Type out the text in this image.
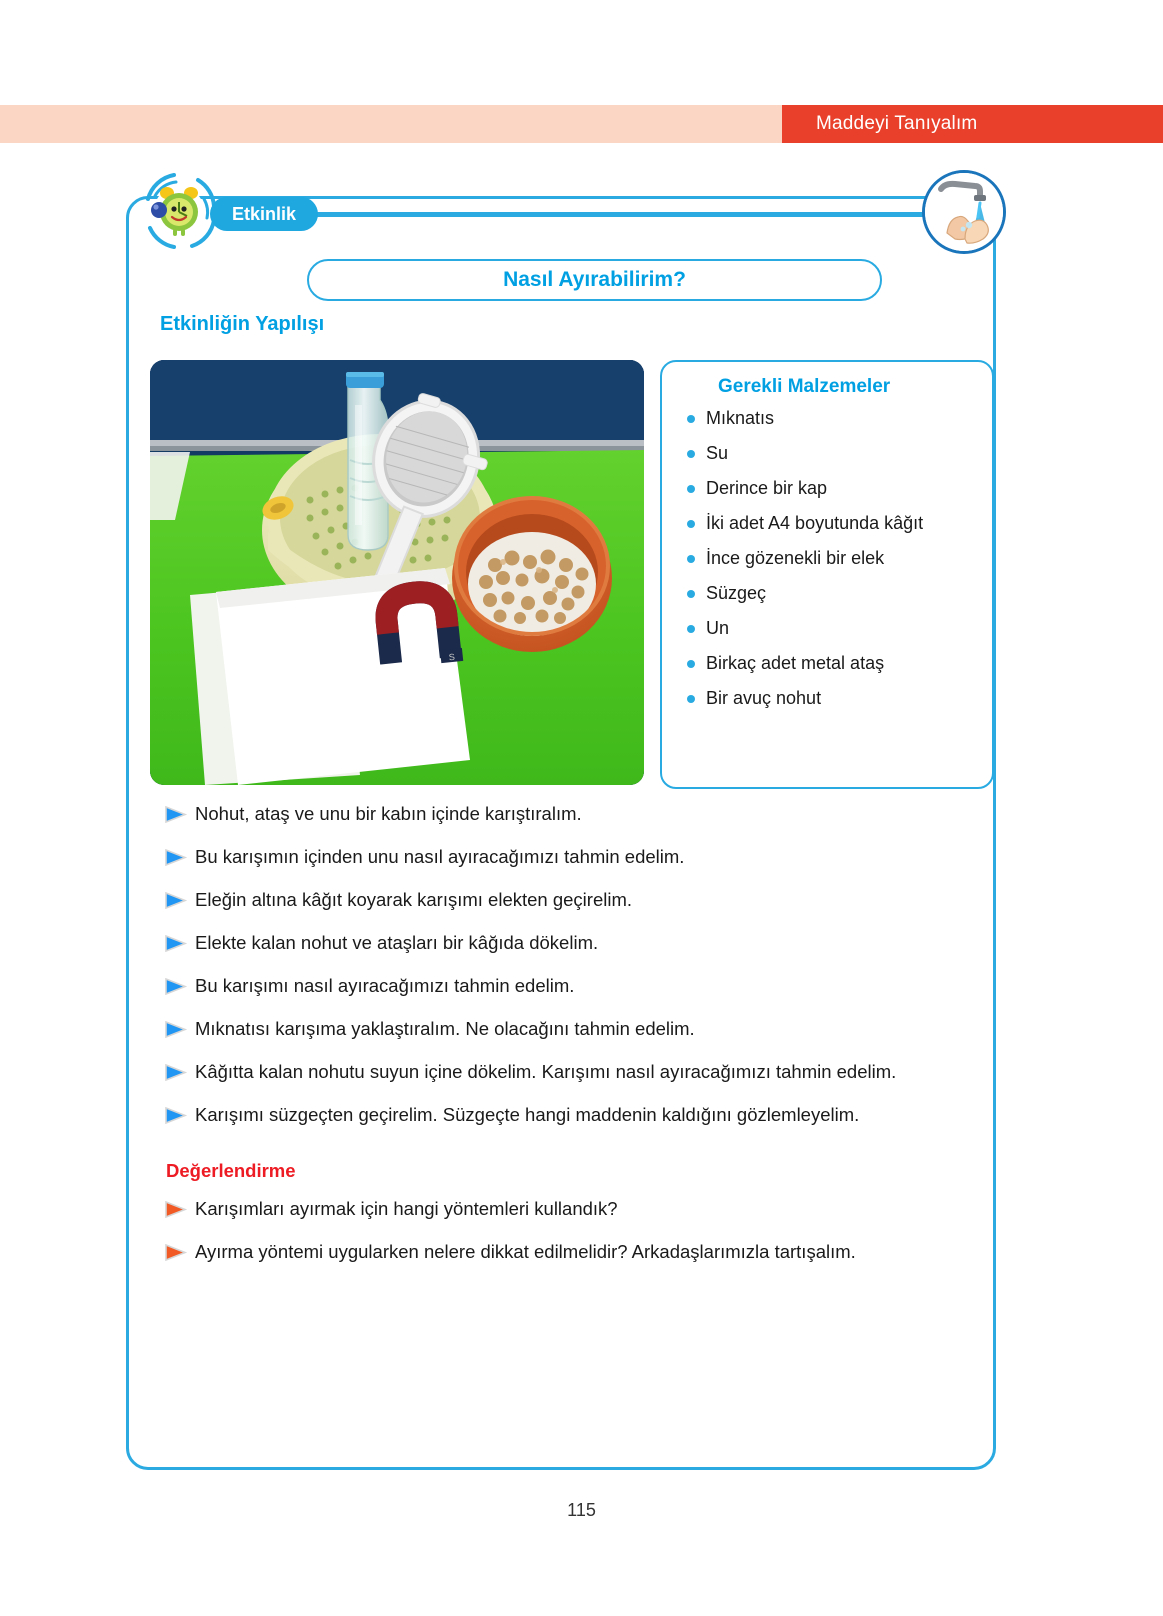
Maddeyi Tanıyalım
Etkinlik
Nasıl Ayırabilirim?
Etkinliğin Yapılışı
S
Gerekli Malzemeler
Mıknatıs
Su
Derince bir kap
İki adet A4 boyutunda kâğıt
İnce gözenekli bir elek
Süzgeç
Un
Birkaç adet metal ataş
Bir avuç nohut
Nohut, ataş ve unu bir kabın içinde karıştıralım.
Bu karışımın içinden unu nasıl ayıracağımızı tahmin edelim.
Eleğin altına kâğıt koyarak karışımı elekten geçirelim.
Elekte kalan nohut ve ataşları bir kâğıda dökelim.
Bu karışımı nasıl ayıracağımızı tahmin edelim.
Mıknatısı karışıma yaklaştıralım. Ne olacağını tahmin edelim.
Kâğıtta kalan nohutu suyun içine dökelim. Karışımı nasıl ayıracağımızı tahmin edelim.
Karışımı süzgeçten geçirelim. Süzgeçte hangi maddenin kaldığını gözlemleyelim.
Değerlendirme
Karışımları ayırmak için hangi yöntemleri kullandık?
Ayırma yöntemi uygularken nelere dikkat edilmelidir? Arkadaşlarımızla tartışalım.
115
